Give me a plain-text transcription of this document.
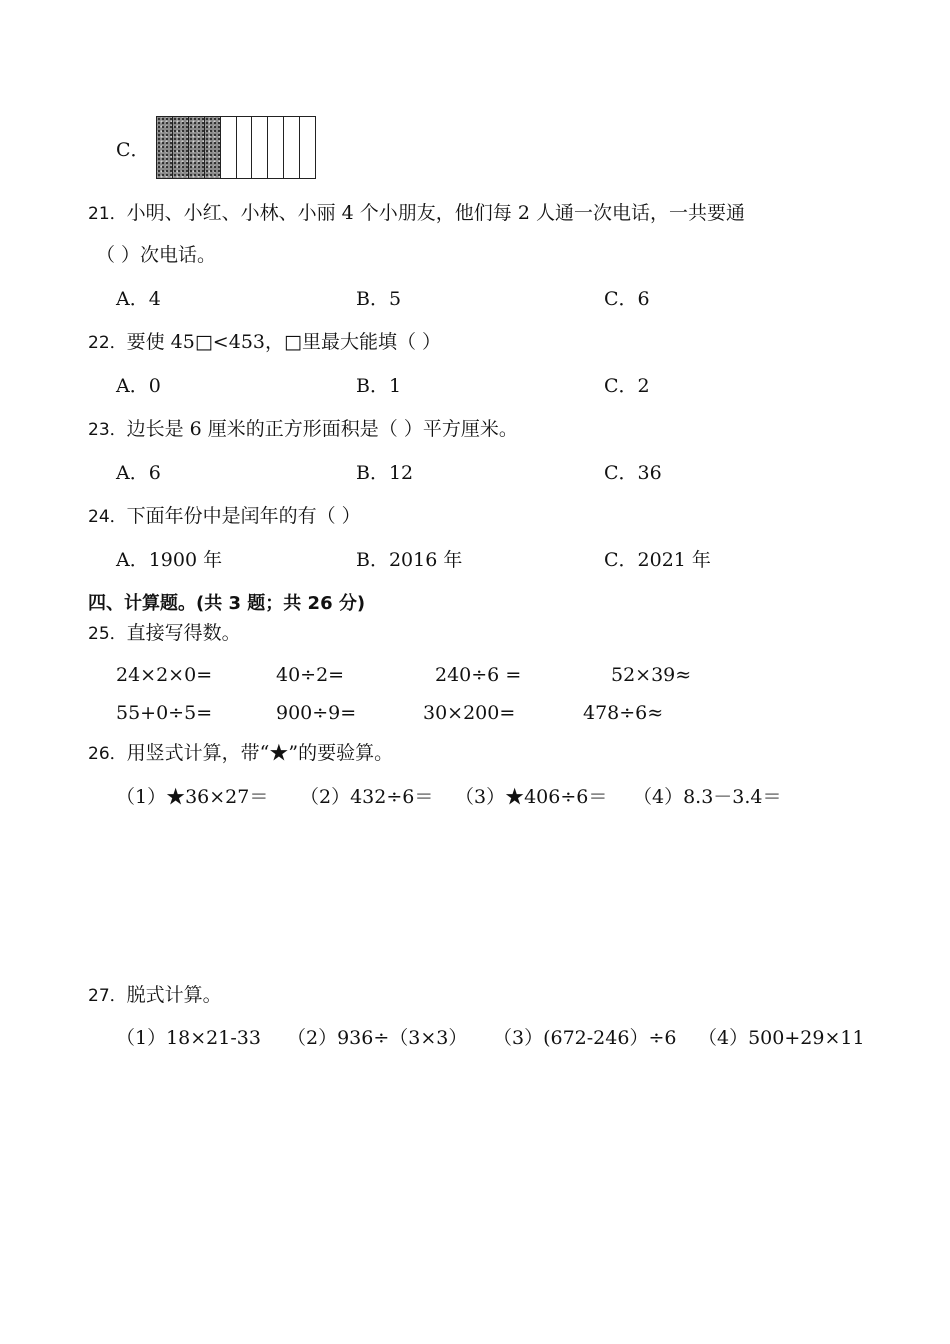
C．
21．小明、小红、小林、小丽 4 个小朋友，他们每 2 人通一次电话，一共要通
（ ）次电话。
A．4	B．5	C．6
22．要使 45□<453，□里最大能填（ ）
A．0	B．1	C．2
23．边长是 6 厘米的正方形面积是（ ）平方厘米。
A．6	B．12	C．36
24．下面年份中是闰年的有（ ）
A．1900 年	B．2016 年	C．2021 年
四、计算题。(共 3 题；共 26 分)
25．直接写得数。
24×2×0=	40÷2=	240÷6 =	52×39≈
55+0÷5=	900÷9=	30×200=	478÷6≈
26．用竖式计算，带“★”的要验算。
（1）★36×27＝ （2）432÷6＝ （3）★406÷6＝ （4）8.3－3.4＝
27．脱式计算。
（1）18×21-33 （2）936÷（3×3） （3）(672-246）÷6 （4）500+29×11
